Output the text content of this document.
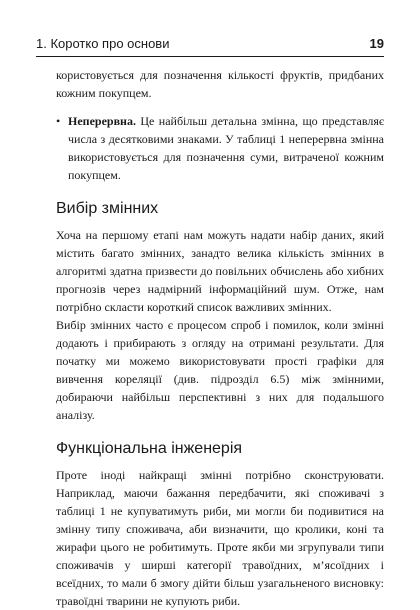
1. Коротко про основи	19

користовується для позначення кількості фруктів, придбаних кожним покупцем.

• Неперервна. Це найбільш детальна змінна, що представляє числа з десятковими знаками. У таблиці 1 неперервна змінна використовується для позначення суми, витраченої кожним покупцем.

Вибір змінних

Хоча на першому етапі нам можуть надати набір даних, який містить багато змінних, занадто велика кількість змінних в алгоритмі здатна призвести до повільних обчислень або хибних прогнозів через надмірний інформаційний шум. Отже, нам потрібно скласти короткий список важливих змінних.

Вибір змінних часто є процесом спроб і помилок, коли змінні додають і прибирають з огляду на отримані результати. Для початку ми можемо використовувати прості графіки для вивчення кореляції (див. підрозділ 6.5) між змінними, добираючи найбільш перспективні з них для подальшого аналізу.

Функціональна інженерія

Проте іноді найкращі змінні потрібно сконструювати. Наприклад, маючи бажання передбачити, які споживачі з таблиці 1 не купуватимуть риби, ми могли би подивитися на змінну типу споживача, аби визначити, що кролики, коні та жирафи цього не робитимуть. Проте якби ми згрупували типи споживачів у ширші категорії травоїдних, м’ясоїдних і всеїдних, то мали б змогу дійти більш узагальненого висновку: травоїдні тварини не купують риби.
